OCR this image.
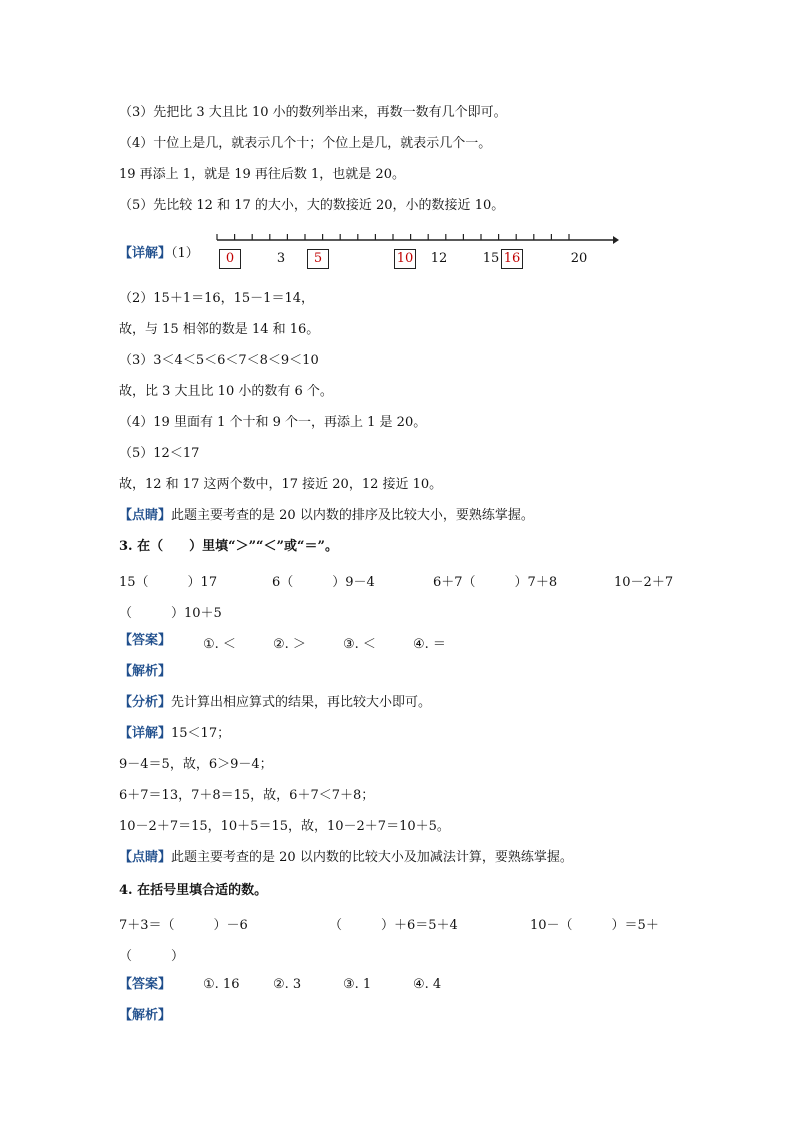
（3）先把比 3 大且比 10 小的数列举出来，再数一数有几个即可。
（4）十位上是几，就表示几个十；个位上是几，就表示几个一。
19 再添上 1，就是 19 再往后数 1，也就是 20。
（5）先比较 12 和 17 的大小，大的数接近 20，小的数接近 10。
【详解】（1）	0	3	5	10	12	15 16	20
（2）15＋1＝16，15－1＝14，
故，与 15 相邻的数是 14 和 16。
（3）3＜4＜5＜6＜7＜8＜9＜10
故，比 3 大且比 10 小的数有 6 个。
（4）19 里面有 1 个十和 9 个一，再添上 1 是 20。
（5）12＜17
故，12 和 17 这两个数中，17 接近 20，12 接近 10。
【点睛】此题主要考查的是 20 以内数的排序及比较大小，要熟练掌握。
3. 在（　　）里填“＞”“＜”或“＝”。
15（　　　）17	6（　　　）9－4	6＋7（　　　）7＋8	10－2＋7
（　　　）10＋5
【答案】 ①. ＜	②. ＞	③. ＜	④. ＝
【解析】
【分析】先计算出相应算式的结果，再比较大小即可。
【详解】15＜17；
9－4＝5，故，6＞9－4；
6＋7＝13，7＋8＝15，故，6＋7＜7＋8；
10－2＋7＝15，10＋5＝15，故，10－2＋7＝10＋5。
【点睛】此题主要考查的是 20 以内数的比较大小及加减法计算，要熟练掌握。
4. 在括号里填合适的数。
7＋3＝（　　　）－6	（　　　）＋6＝5＋4	10－（　　　）＝5＋
（　　　）
【答案】 ①. 16	②. 3	③. 1	④. 4
【解析】
